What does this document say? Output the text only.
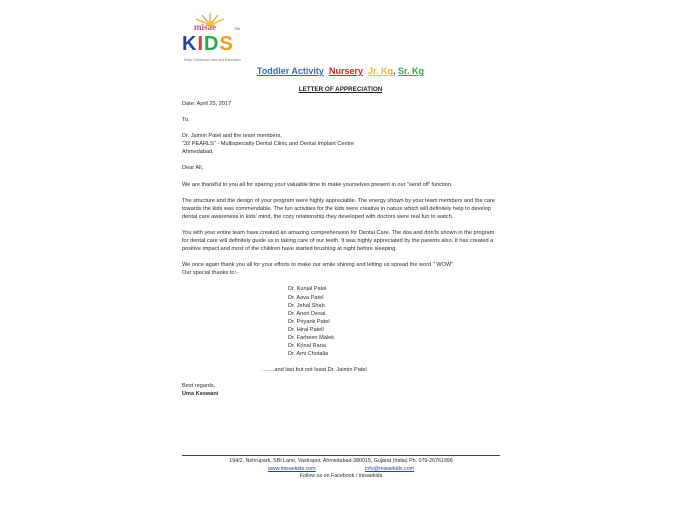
misae
KIDS
TM
Early Childhood Care and Education
Toddler Activity Nursery Jr. Kg, Sr. Kg
LETTER OF APPRECIATION

Date: April 25, 2017

To,

Dr. Jaimin Patel and the team members,

"32 PEARLS" - Multispecialty Dental Clinic and Dental Implant Centre

Ahmedabad.

Dear All,

We are thankful to you all for sparing your valuable time to make yourselves present in our "send off' function.

The structure and the design of your program were highly appreciable. The energy shown by your team members and the care towards the kids was commendable. The fun activities for the kids were creative in nature which will definitely help to develop dental care awareness in kids' mind, the cozy relationship they developed with doctors were real fun to watch.

You with your entire team have created an amazing comprehension for Dental Care. The dos and don'ts shown in the program for dental care will definitely guide us in taking care of our teeth. It was highly appreciated by the parents also. It has created a positive impact and most of the children have started brushing at night before sleeping.

We once again thank you all for your efforts to make our smile shining and letting us spread the word " WOW"

Our special thanks to:-

Dr. Kunjal Patel
Dr. Aava Patel
Dr. Jehal Shah
Dr. Aneri Desai
Dr. Priyank Patel
Dr. Hiral Patell
Dr. Farheen Malek
Dr. Krinal Rana
Dr. Ami Chotalia

........and last but not least Dr. Jaimin Patel

Best regards,

Uma Keswani

194/2, Nehrupark, SBI Lane, Vastrapur, Ahmedabad-380015, Gujarat (India) Ph. 079-26761996
www.misaekids.com	info@misaekids.com
Follow us on Facebook / misaekids
